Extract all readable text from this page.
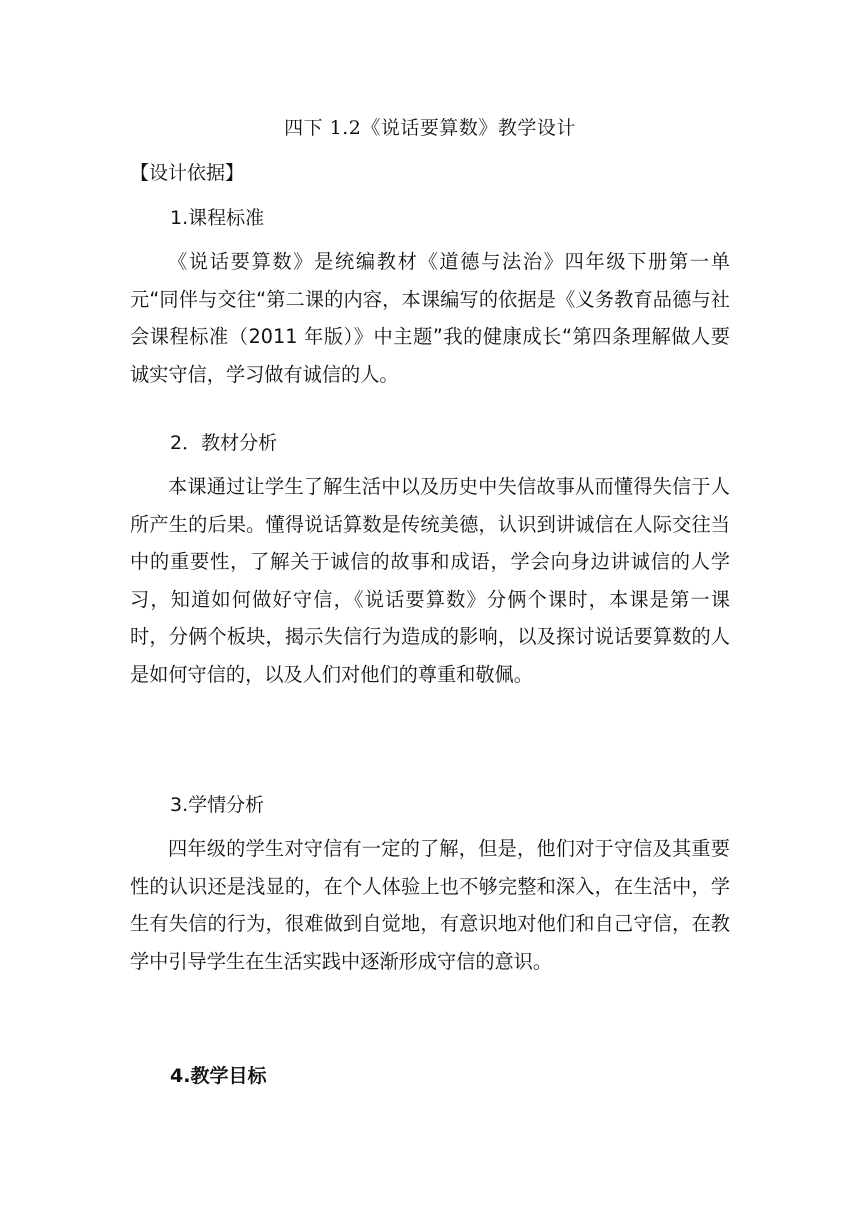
四下 1.2《说话要算数》教学设计
【设计依据】
1.课程标准
《说话要算数》是统编教材《道德与法治》四年级下册第一单元“同伴与交往“第二课的内容，本课编写的依据是《义务教育品德与社会课程标准（2011 年版）》中主题”我的健康成长“第四条理解做人要诚实守信，学习做有诚信的人。
2．教材分析
本课通过让学生了解生活中以及历史中失信故事从而懂得失信于人所产生的后果。懂得说话算数是传统美德，认识到讲诚信在人际交往当中的重要性，了解关于诚信的故事和成语，学会向身边讲诚信的人学习，知道如何做好守信，《说话要算数》分俩个课时，本课是第一课时，分俩个板块，揭示失信行为造成的影响，以及探讨说话要算数的人是如何守信的，以及人们对他们的尊重和敬佩。
3.学情分析
四年级的学生对守信有一定的了解，但是，他们对于守信及其重要性的认识还是浅显的，在个人体验上也不够完整和深入，在生活中，学生有失信的行为，很难做到自觉地，有意识地对他们和自己守信，在教学中引导学生在生活实践中逐渐形成守信的意识。
4.教学目标
